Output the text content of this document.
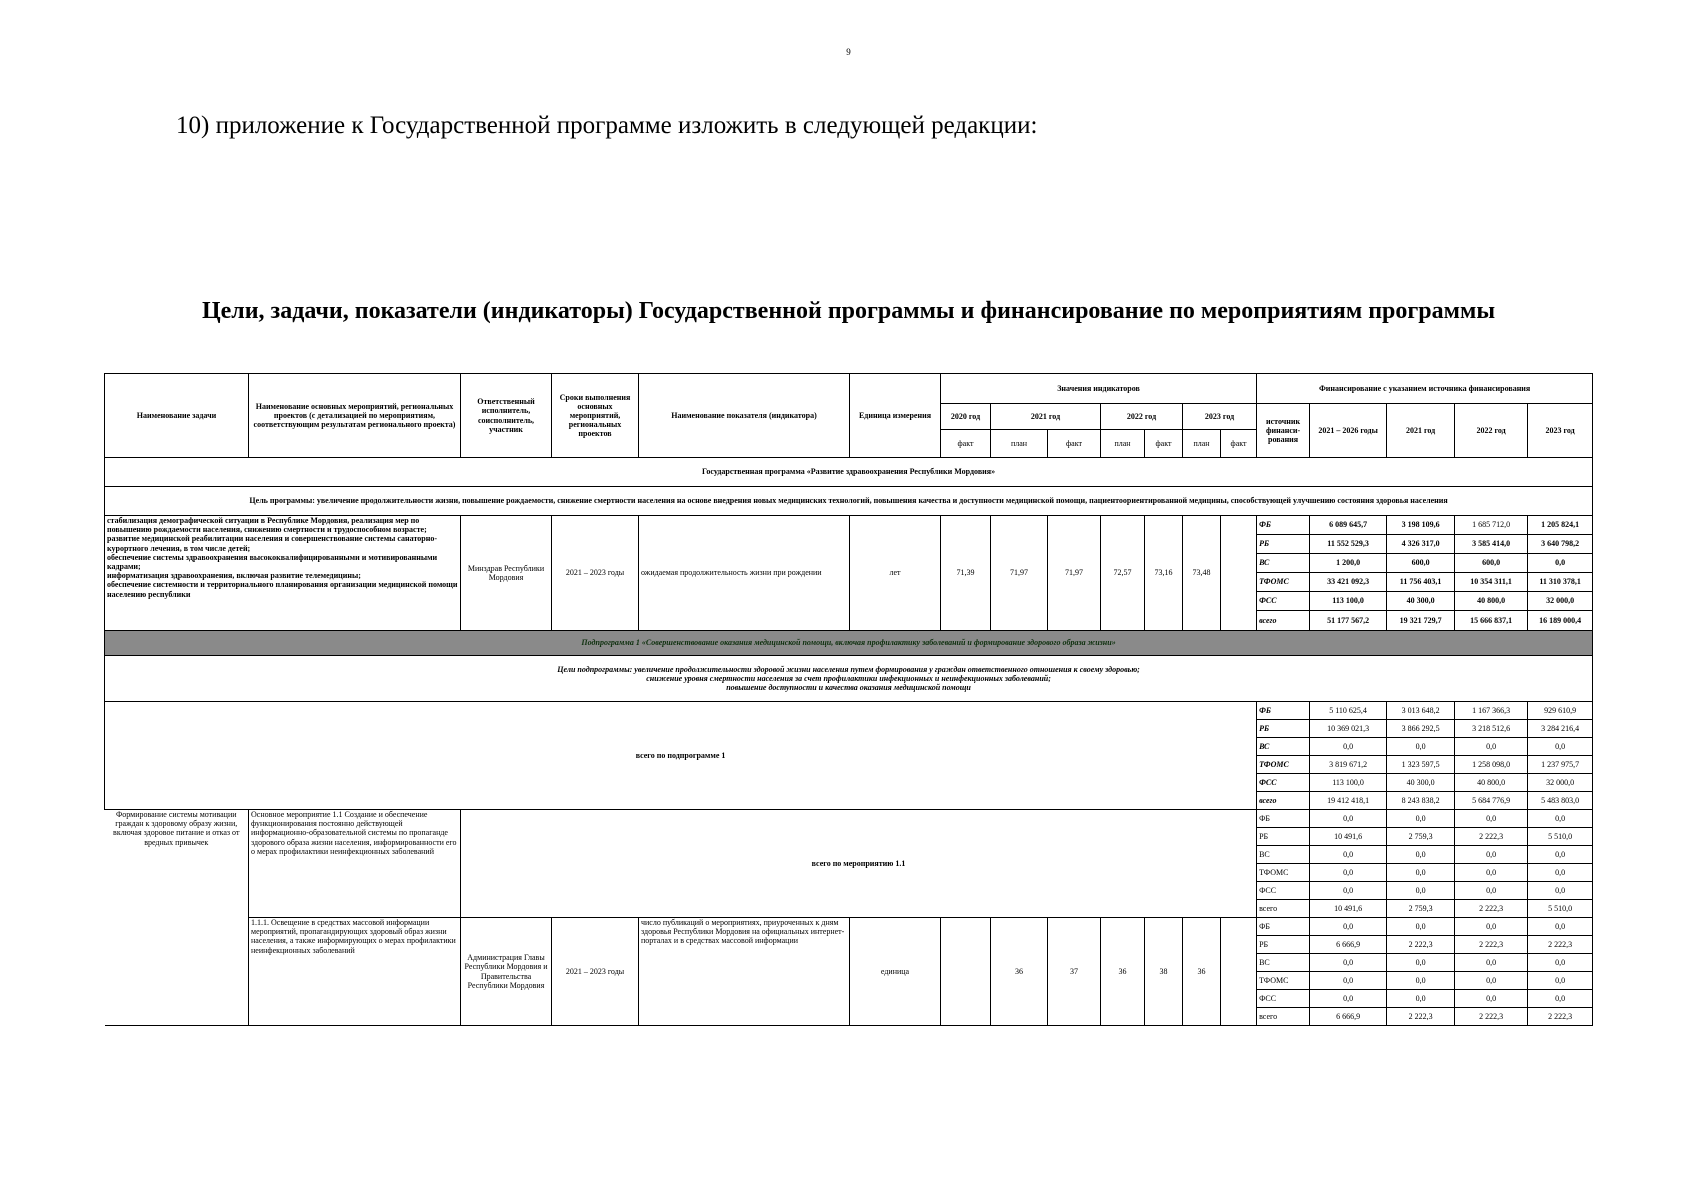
9
10) приложение к Государственной программе изложить в следующей редакции:
Цели, задачи, показатели (индикаторы) Государственной программы и финансирование по мероприятиям программы
Наименование задачи	Наименование основных мероприятий, региональных проектов (с детализацией по мероприятиям, соответствующим результатам регионального проекта)	Ответственный исполнитель, соисполнитель, участник	Сроки выполнения основных мероприятий, региональных проектов	Наименование показателя (индикатора)	Единица измерения	Значения индикаторов							Финансирование с указанием источника финансирования				
						2020 год	2021 год		2022 год		2023 год		источник финанси-рования	2021 – 2026 годы	2021 год	2022 год	2023 год
						факт	план	факт	план	факт	план	факт					
Государственная программа «Развитие здравоохранения Республики Мордовия»																	
Цель программы: увеличение продолжительности жизни, повышение рождаемости, снижение смертности населения на основе внедрения новых медицинских технологий, повышения качества и доступности медицинской помощи, пациентоориентированной медицины, способствующей улучшению состояния здоровья населения																	
стабилизация демографической ситуации в Республике Мордовия, реализация мер по повышению рождаемости населения, снижению смертности и трудоспособном возрасте;
развитие медицинской реабилитации населения и совершенствование системы санаторно-курортного лечения, в том числе детей;
обеспечение системы здравоохранения высококвалифицированными и мотивированными кадрами;
информатизация здравоохранения, включая развитие телемедицины;
обеспечение системности и территориального планирования организации медицинской помощи населению республики		Минздрав Республики Мордовия	2021 – 2023 годы	ожидаемая продолжительность жизни при рождении	лет	71,39	71,97	71,97	72,57	73,16	73,48		ФБ	6 089 645,7	3 198 109,6	1 685 712,0	1 205 824,1
													РБ	11 552 529,3	4 326 317,0	3 585 414,0	3 640 798,2
													ВС	1 200,0	600,0	600,0	0,0
													ТФОМС	33 421 092,3	11 756 403,1	10 354 311,1	11 310 378,1
													ФСС	113 100,0	40 300,0	40 800,0	32 000,0
													всего	51 177 567,2	19 321 729,7	15 666 837,1	16 189 000,4
Подпрограмма 1 «Совершенствование оказания медицинской помощи, включая профилактику заболеваний и формирование здорового образа жизни»																	
Цели подпрограммы: увеличение продолжительности здоровой жизни населения путем формирования у граждан ответственного отношения к своему здоровью;
снижение уровня смертности населения за счет профилактики инфекционных и неинфекционных заболеваний;
повышение доступности и качества оказания медицинской помощи																	
всего по подпрограмме 1													ФБ	5 110 625,4	3 013 648,2	1 167 366,3	929 610,9
													РБ	10 369 021,3	3 866 292,5	3 218 512,6	3 284 216,4
													ВС	0,0	0,0	0,0	0,0
													ТФОМС	3 819 671,2	1 323 597,5	1 258 098,0	1 237 975,7
													ФСС	113 100,0	40 300,0	40 800,0	32 000,0
													всего	19 412 418,1	8 243 838,2	5 684 776,9	5 483 803,0
Формирование системы мотивации граждан к здоровому образу жизни, включая здоровое питание и отказ от вредных привычек	Основное мероприятие 1.1 Создание и обеспечение функционирования постоянно действующей информационно-образовательной системы по пропаганде здорового образа жизни населения, информированности его о мерах профилактики неинфекционных заболеваний	всего по мероприятию 1.1											ФБ	0,0	0,0	0,0	0,0
													РБ	10 491,6	2 759,3	2 222,3	5 510,0
													ВС	0,0	0,0	0,0	0,0
													ТФОМС	0,0	0,0	0,0	0,0
													ФСС	0,0	0,0	0,0	0,0
													всего	10 491,6	2 759,3	2 222,3	5 510,0
	1.1.1. Освещение в средствах массовой информации мероприятий, пропагандирующих здоровый образ жизни населения, а также информирующих о мерах профилактики неинфекционных заболеваний	Администрация Главы Республики Мордовия и Правительства Республики Мордовия	2021 – 2023 годы	число публикаций о мероприятиях, приуроченных к дням здоровья Республики Мордовия на официальных интернет-порталах и в средствах массовой информации	единица		36	37	36	38	36		ФБ	0,0	0,0	0,0	0,0
													РБ	6 666,9	2 222,3	2 222,3	2 222,3
													ВС	0,0	0,0	0,0	0,0
													ТФОМС	0,0	0,0	0,0	0,0
													ФСС	0,0	0,0	0,0	0,0
													всего	6 666,9	2 222,3	2 222,3	2 222,3
